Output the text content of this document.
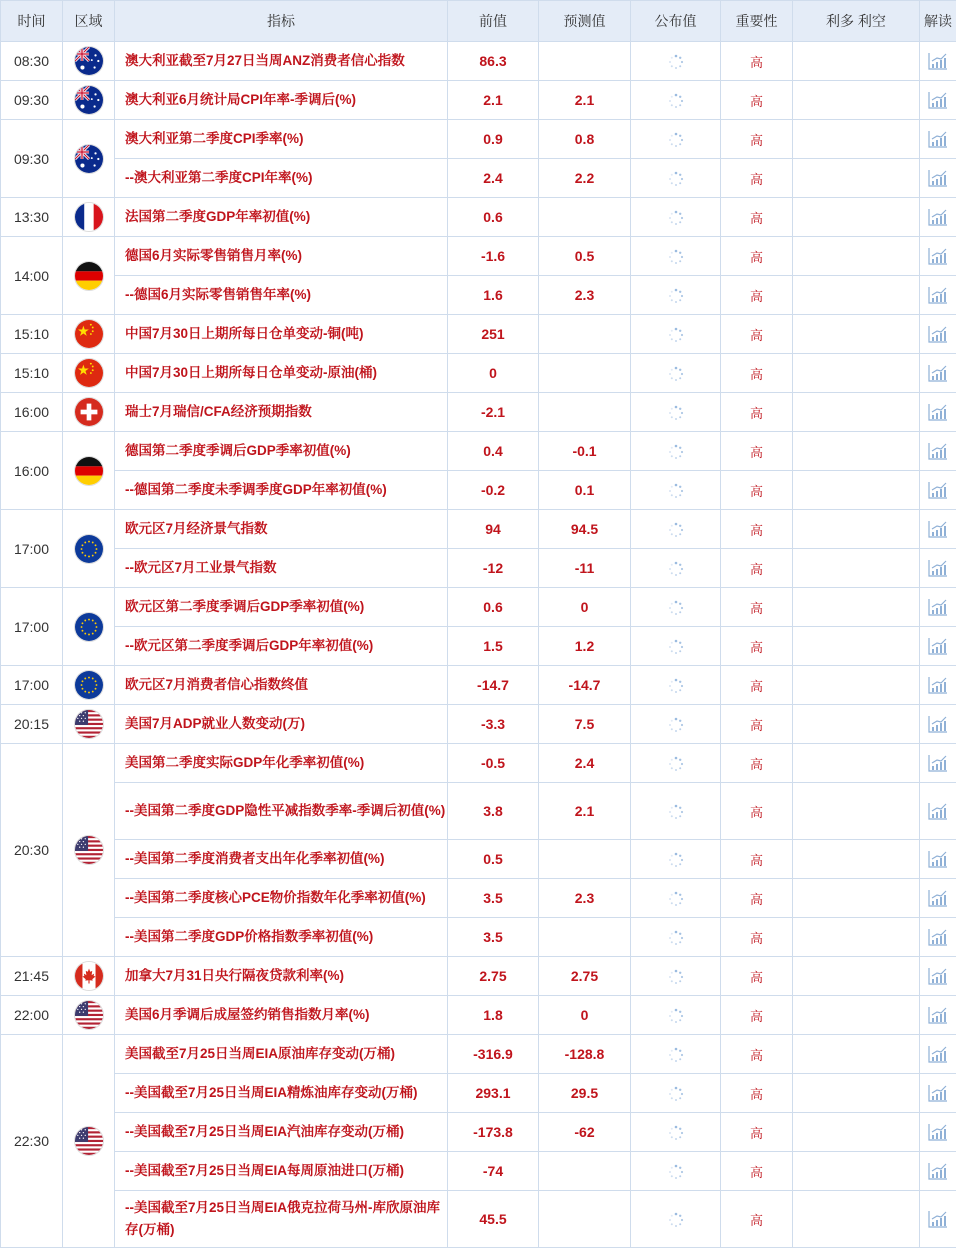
时间	区域	指标	前值	预测值	公布值	重要性	利多 利空	解读
08:30		澳大利亚截至7月27日当周ANZ消费者信心指数	86.3			高		
09:30		澳大利亚6月统计局CPI年率-季调后(%)	2.1	2.1		高		
09:30		澳大利亚第二季度CPI季率(%)	0.9	0.8		高		
		--澳大利亚第二季度CPI年率(%)	2.4	2.2		高		
13:30		法国第二季度GDP年率初值(%)	0.6			高		
14:00		德国6月实际零售销售月率(%)	-1.6	0.5		高		
		--德国6月实际零售销售年率(%)	1.6	2.3		高		
15:10		中国7月30日上期所每日仓单变动-铜(吨)	251			高		
15:10		中国7月30日上期所每日仓单变动-原油(桶)	0			高		
16:00		瑞士7月瑞信/CFA经济预期指数	-2.1			高		
16:00		德国第二季度季调后GDP季率初值(%)	0.4	-0.1		高		
		--德国第二季度未季调季度GDP年率初值(%)	-0.2	0.1		高		
17:00		欧元区7月经济景气指数	94	94.5		高		
		--欧元区7月工业景气指数	-12	-11		高		
17:00		欧元区第二季度季调后GDP季率初值(%)	0.6	0		高		
		--欧元区第二季度季调后GDP年率初值(%)	1.5	1.2		高		
17:00		欧元区7月消费者信心指数终值	-14.7	-14.7		高		
20:15		美国7月ADP就业人数变动(万)	-3.3	7.5		高		
20:30		美国第二季度实际GDP年化季率初值(%)	-0.5	2.4		高		
		--美国第二季度GDP隐性平减指数季率-季调后初值(%)	3.8	2.1		高		
		--美国第二季度消费者支出年化季率初值(%)	0.5			高		
		--美国第二季度核心PCE物价指数年化季率初值(%)	3.5	2.3		高		
		--美国第二季度GDP价格指数季率初值(%)	3.5			高		
21:45		加拿大7月31日央行隔夜贷款利率(%)	2.75	2.75		高		
22:00		美国6月季调后成屋签约销售指数月率(%)	1.8	0		高		
22:30		美国截至7月25日当周EIA原油库存变动(万桶)	-316.9	-128.8		高		
		--美国截至7月25日当周EIA精炼油库存变动(万桶)	293.1	29.5		高		
		--美国截至7月25日当周EIA汽油库存变动(万桶)	-173.8	-62		高		
		--美国截至7月25日当周EIA每周原油进口(万桶)	-74			高		
		--美国截至7月25日当周EIA俄克拉荷马州-库欣原油库存(万桶)	45.5			高		
